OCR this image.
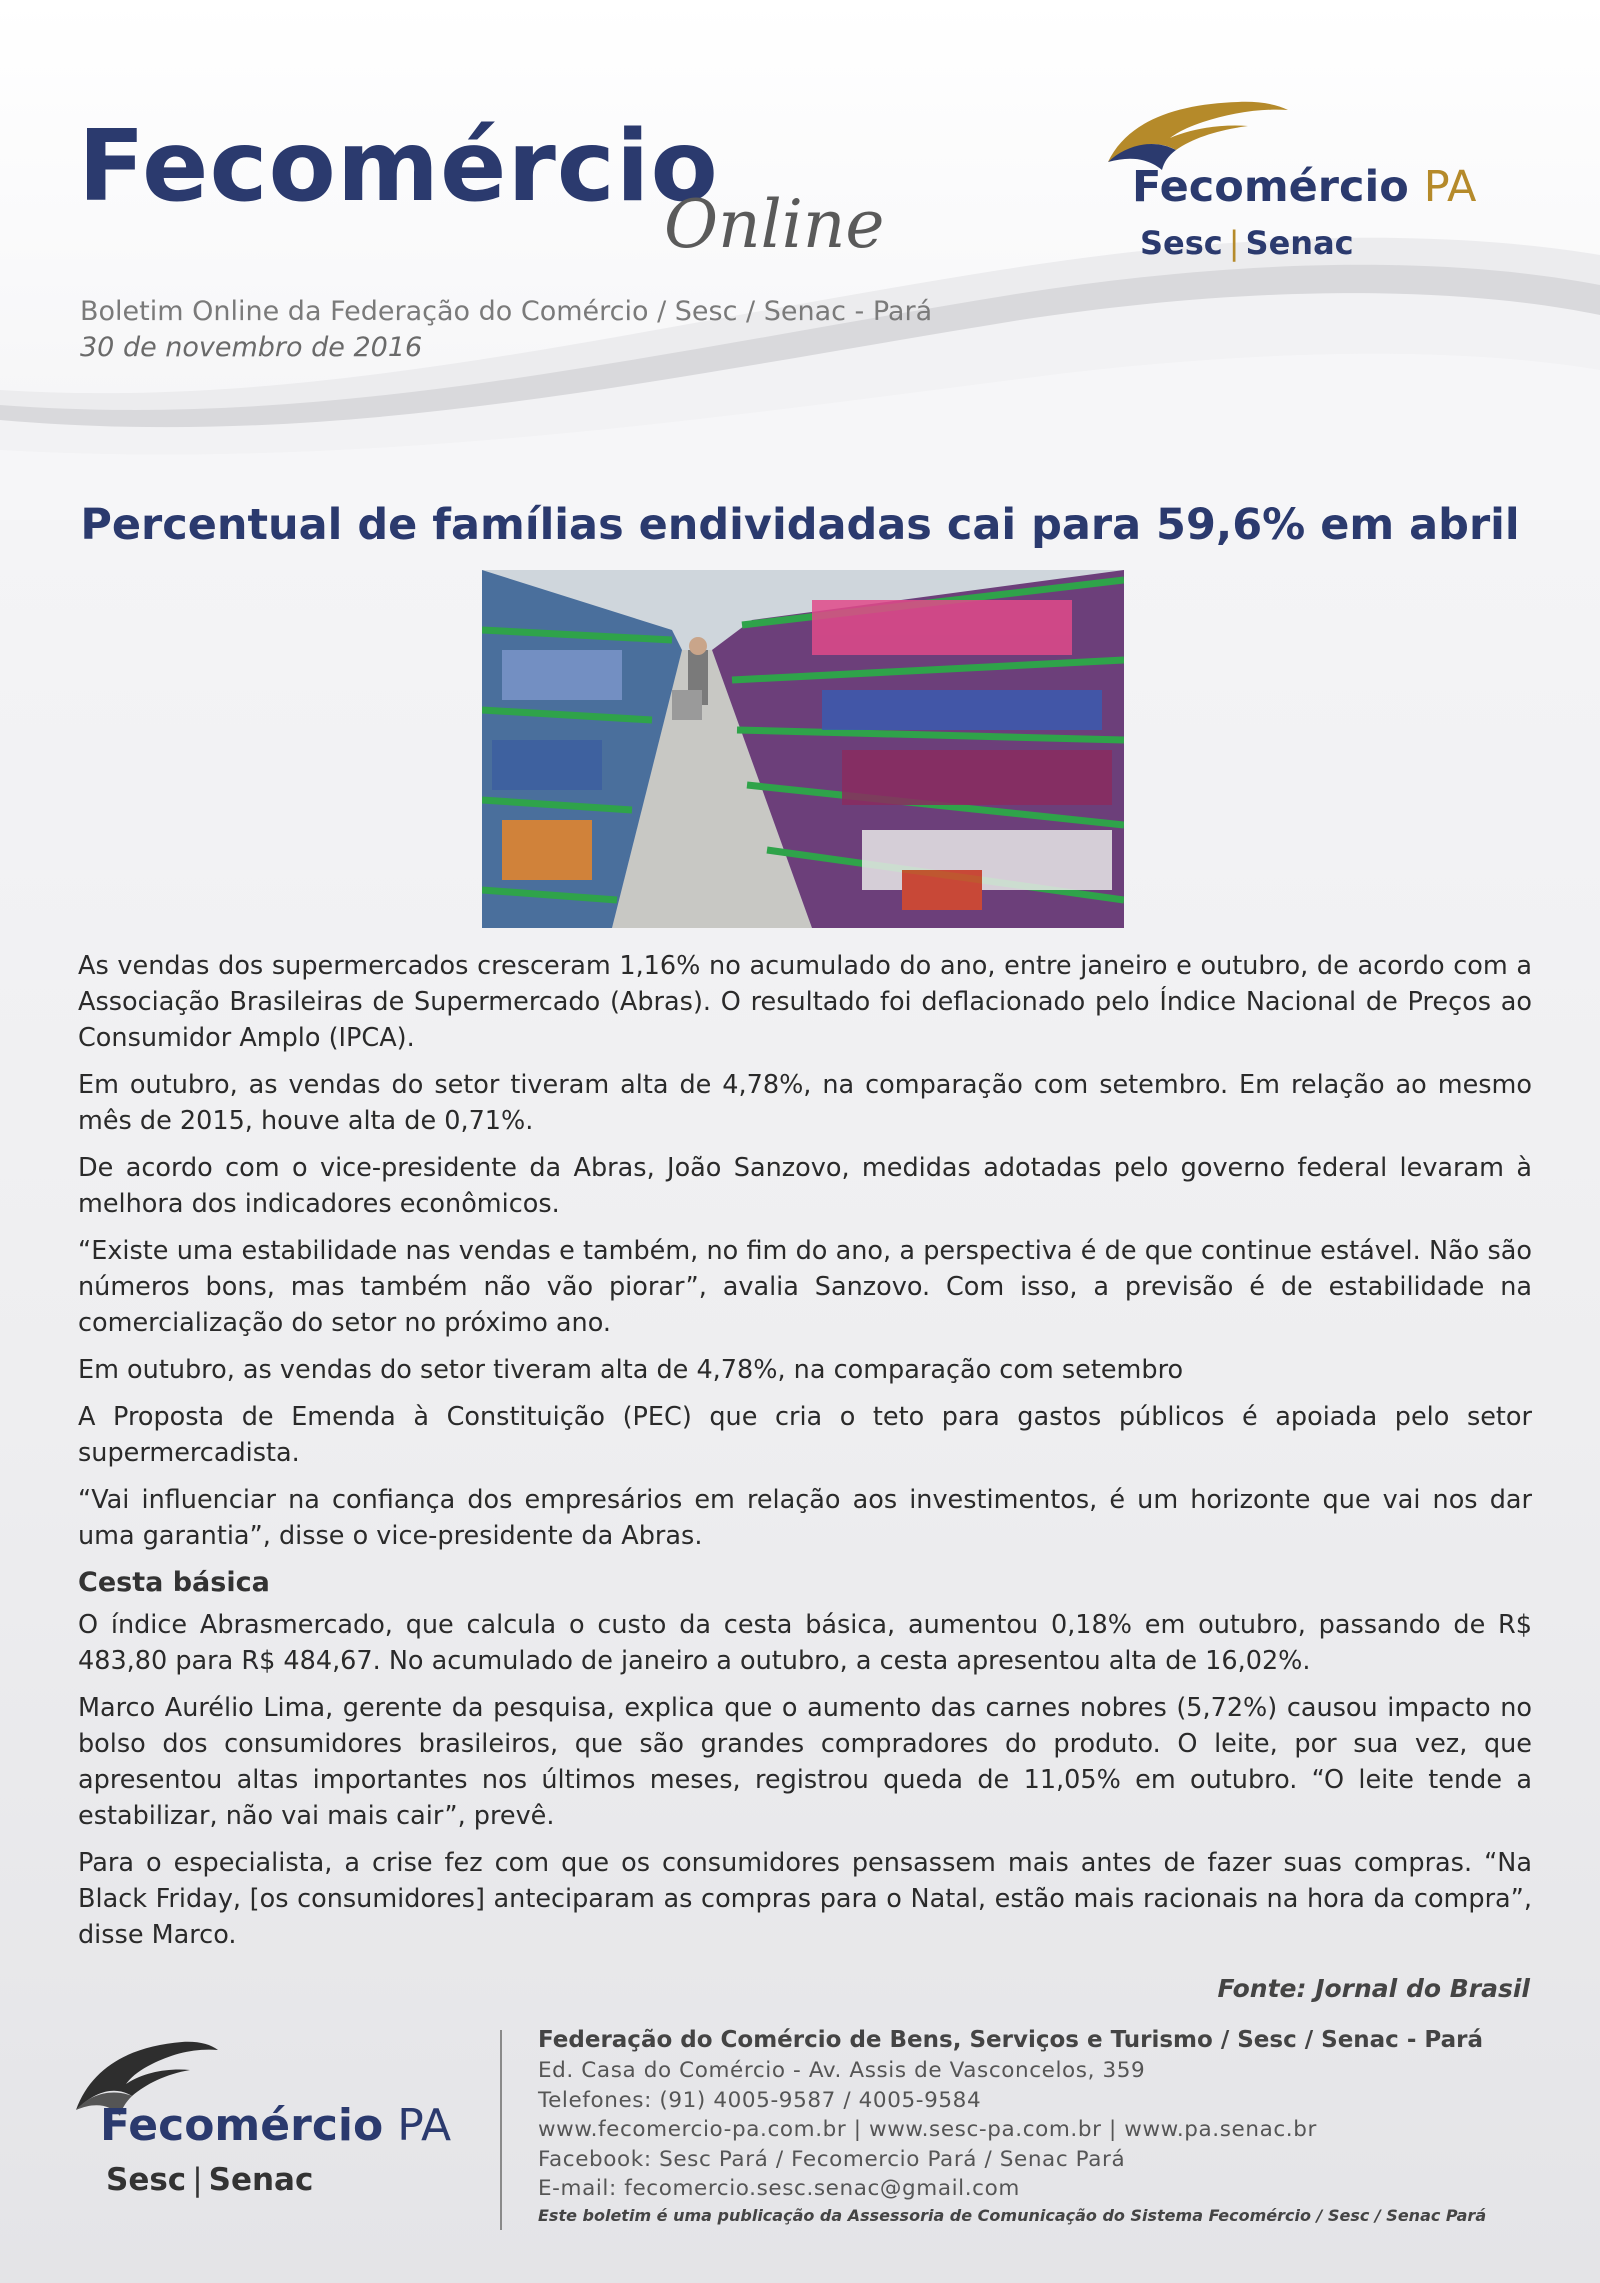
Fecomércio
Online
Boletim Online da Federação do Comércio / Sesc / Senac - Pará
30 de novembro de 2016
Fecomércio PA
Sesc | Senac
Percentual de famílias endividadas cai para 59,6% em abril

As vendas dos supermercados cresceram 1,16% no acumulado do ano, entre janeiro e outubro, de acordo com a Associação Brasileiras de Supermercado (Abras). O resultado foi deflacionado pelo Índice Nacional de Preços ao Consumidor Amplo (IPCA).

Em outubro, as vendas do setor tiveram alta de 4,78%, na comparação com setembro. Em relação ao mesmo mês de 2015, houve alta de 0,71%.

De acordo com o vice-presidente da Abras, João Sanzovo, medidas adotadas pelo governo federal levaram à melhora dos indicadores econômicos.

“Existe uma estabilidade nas vendas e também, no fim do ano, a perspectiva é de que continue estável. Não são números bons, mas também não vão piorar”, avalia Sanzovo. Com isso, a previsão é de estabilidade na comercialização do setor no próximo ano.

Em outubro, as vendas do setor tiveram alta de 4,78%, na comparação com setembro

A Proposta de Emenda à Constituição (PEC) que cria o teto para gastos públicos é apoiada pelo setor supermercadista.

“Vai influenciar na confiança dos empresários em relação aos investimentos, é um horizonte que vai nos dar uma garantia”, disse o vice-presidente da Abras.

Cesta básica

O índice Abrasmercado, que calcula o custo da cesta básica, aumentou 0,18% em outubro, passando de R$ 483,80 para R$ 484,67. No acumulado de janeiro a outubro, a cesta apresentou alta de 16,02%.

Marco Aurélio Lima, gerente da pesquisa, explica que o aumento das carnes nobres (5,72%) causou impacto no bolso dos consumidores brasileiros, que são grandes compradores do produto. O leite, por sua vez, que apresentou altas importantes nos últimos meses, registrou queda de 11,05% em outubro. “O leite tende a estabilizar, não vai mais cair”, prevê.

Para o especialista, a crise fez com que os consumidores pensassem mais antes de fazer suas compras. “Na Black Friday, [os consumidores] anteciparam as compras para o Natal, estão mais racionais na hora da compra”, disse Marco.

Fonte: Jornal do Brasil
Fecomércio PA
Sesc | Senac
Federação do Comércio de Bens, Serviços e Turismo / Sesc / Senac - Pará
Ed. Casa do Comércio - Av. Assis de Vasconcelos, 359
Telefones: (91) 4005-9587 / 4005-9584
www.fecomercio-pa.com.br | www.sesc-pa.com.br | www.pa.senac.br
Facebook: Sesc Pará / Fecomercio Pará / Senac Pará
E-mail: fecomercio.sesc.senac@gmail.com
Este boletim é uma publicação da Assessoria de Comunicação do Sistema Fecomércio / Sesc / Senac Pará
